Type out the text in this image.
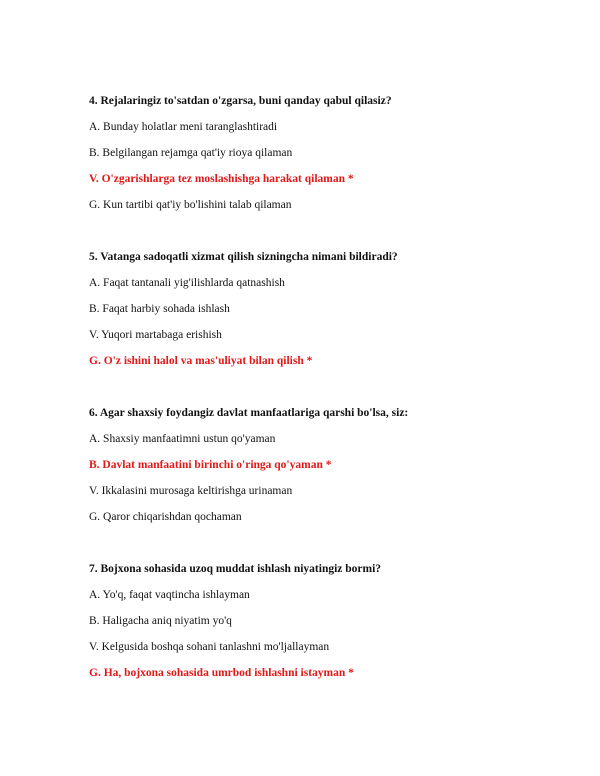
4. Rejalaringiz to'satdan o'zgarsa, buni qanday qabul qilasiz?
A. Bunday holatlar meni taranglashtiradi
B. Belgilangan rejamga qat'iy rioya qilaman
V. O'zgarishlarga tez moslashishga harakat qilaman *
G. Kun tartibi qat'iy bo'lishini talab qilaman
5. Vatanga sadoqatli xizmat qilish sizningcha nimani bildiradi?
A. Faqat tantanali yig'ilishlarda qatnashish
B. Faqat harbiy sohada ishlash
V. Yuqori martabaga erishish
G. O'z ishini halol va mas'uliyat bilan qilish *
6. Agar shaxsiy foydangiz davlat manfaatlariga qarshi bo'lsa, siz:
A. Shaxsiy manfaatimni ustun qo'yaman
B. Davlat manfaatini birinchi o'ringa qo'yaman *
V. Ikkalasini murosaga keltirishga urinaman
G. Qaror chiqarishdan qochaman
7. Bojxona sohasida uzoq muddat ishlash niyatingiz bormi?
A. Yo'q, faqat vaqtincha ishlayman
B. Haligacha aniq niyatim yo'q
V. Kelgusida boshqa sohani tanlashni mo'ljallayman
G. Ha, bojxona sohasida umrbod ishlashni istayman *
